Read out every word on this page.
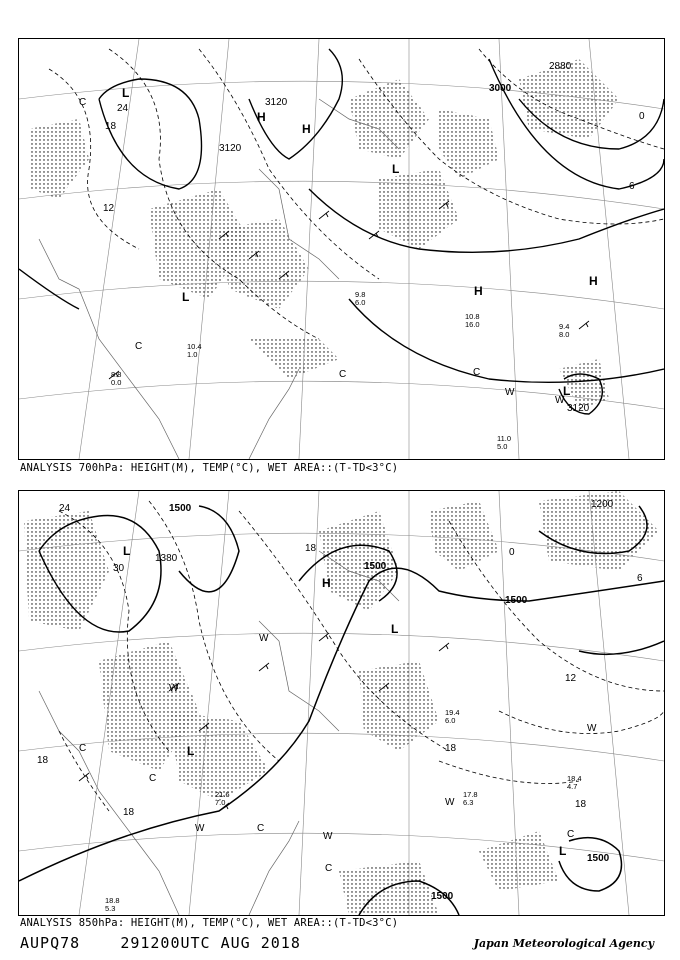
3120
3120
3000
2880
3120
L
L
L
L
H
H
H
H
C
C
C	C
W
W
24
18
12
0
6
10.8
16.0	9.4
8.0
11.0
5.0
9.8
6.0
10.4
1.0
8.8
0.0
ANALYSIS 700hPa: HEIGHT(M), TEMP(°C), WET AREA::(T-TD<3°C)
1500
1500
1500
1500
1500
1380
1200
L
L
L
L
H
W
W
W
W
W
W
C
C
C
C
C
24
30
18
18
18
18
18
12
6
0
17.8
6.3
18.4
4.7
21.6
7.0
19.4
6.0
18.8
5.3
ANALYSIS 850hPa: HEIGHT(M), TEMP(°C), WET AREA::(T-TD<3°C)
AUPQ78	291200UTC AUG 2018	Japan Meteorological Agency
